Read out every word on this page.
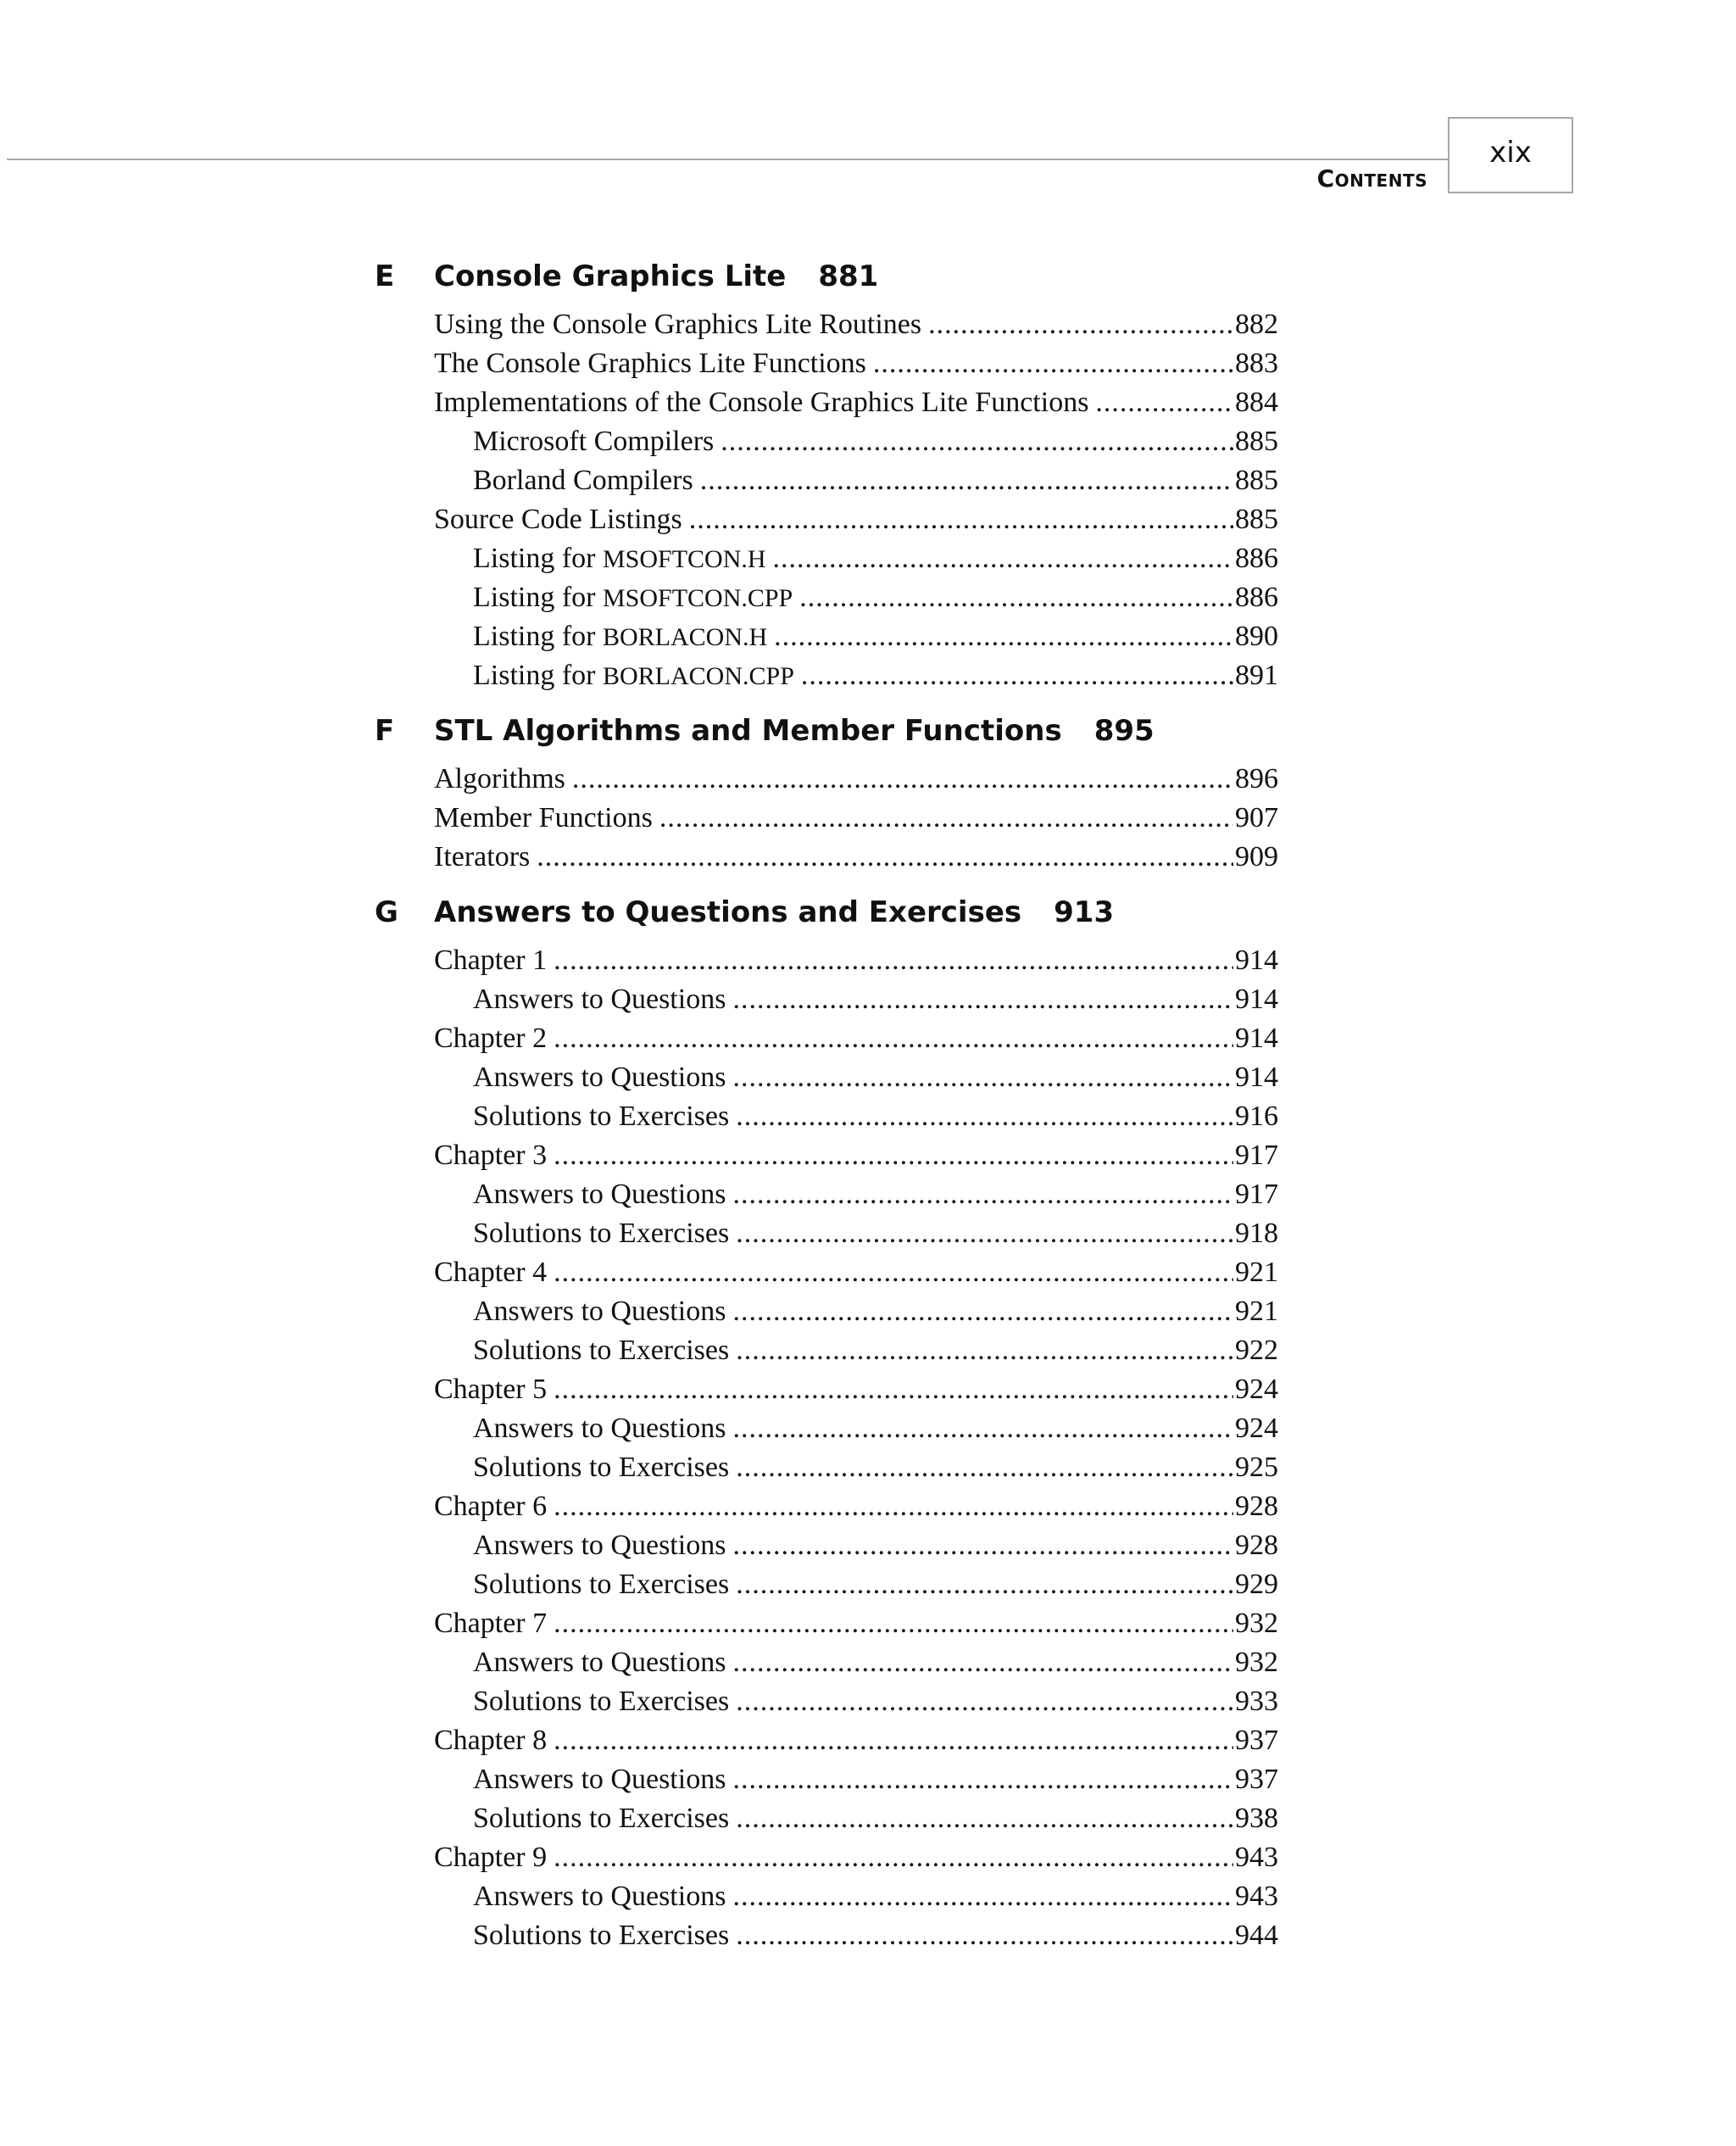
xix
Contents
E	Console Graphics Lite 881
Using the Console Graphics Lite Routines .....	882
The Console Graphics Lite Functions .....	883
Implementations of the Console Graphics Lite Functions .....	884
Microsoft Compilers .....	885
Borland Compilers .....	885
Source Code Listings .....	885
Listing for MSOFTCON.H .....	886
Listing for MSOFTCON.CPP .....	886
Listing for BORLACON.H .....	890
Listing for BORLACON.CPP .....	891
F	STL Algorithms and Member Functions 895
Algorithms .....	896
Member Functions .....	907
Iterators .....	909
G	Answers to Questions and Exercises 913
Chapter 1 .....	914
Answers to Questions .....	914
Chapter 2 .....	914
Answers to Questions .....	914
Solutions to Exercises .....	916
Chapter 3 .....	917
Answers to Questions .....	917
Solutions to Exercises .....	918
Chapter 4 .....	921
Answers to Questions .....	921
Solutions to Exercises .....	922
Chapter 5 .....	924
Answers to Questions .....	924
Solutions to Exercises .....	925
Chapter 6 .....	928
Answers to Questions .....	928
Solutions to Exercises .....	929
Chapter 7 .....	932
Answers to Questions .....	932
Solutions to Exercises .....	933
Chapter 8 .....	937
Answers to Questions .....	937
Solutions to Exercises .....	938
Chapter 9 .....	943
Answers to Questions .....	943
Solutions to Exercises .....	944
